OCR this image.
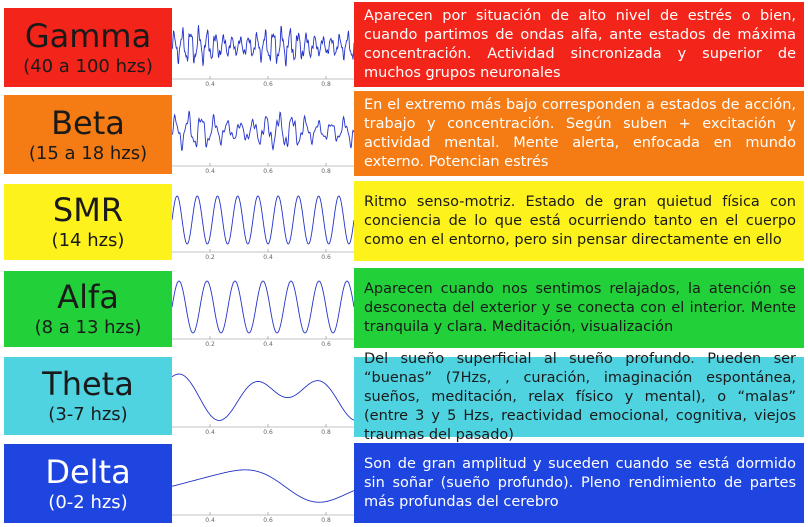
Gamma
(40 a 100 hzs)
0.4	0.6	0.8
Aparecen por situación de alto nivel de estrés o bien, cuando partimos de ondas alfa, ante estados de máxima concentración. Actividad sincronizada y superior de muchos grupos neuronales
Beta
(15 a 18 hzs)
0.4	0.6	0.8
En el extremo más bajo corresponden a estados de acción, trabajo y concentración. Según suben + excitación y actividad mental. Mente alerta, enfocada en mundo externo. Potencian estrés
SMR
(14 hzs)
0.2	0.4	0.6
Ritmo senso-motriz. Estado de gran quietud física con conciencia de lo que está ocurriendo tanto en el cuerpo como en el entorno, pero sin pensar directamente en ello
Alfa
(8 a 13 hzs)
0.2	0.4	0.6
Aparecen cuando nos sentimos relajados, la atención se desconecta del exterior y se conecta con el interior. Mente tranquila y clara. Meditación, visualización
Theta
(3-7 hzs)
0.4	0.6	0.8
Del sueño superficial al sueño profundo. Pueden ser “buenas” (7Hzs, , curación, imaginación espontánea, sueños, meditación, relax físico y mental), o “malas” (entre 3 y 5 Hzs, reactividad emocional, cognitiva, viejos traumas del pasado)
Delta
(0-2 hzs)
0.4	0.6	0.8
Son de gran amplitud y suceden cuando se está dormido sin soñar (sueño profundo). Pleno rendimiento de partes más profundas del cerebro
